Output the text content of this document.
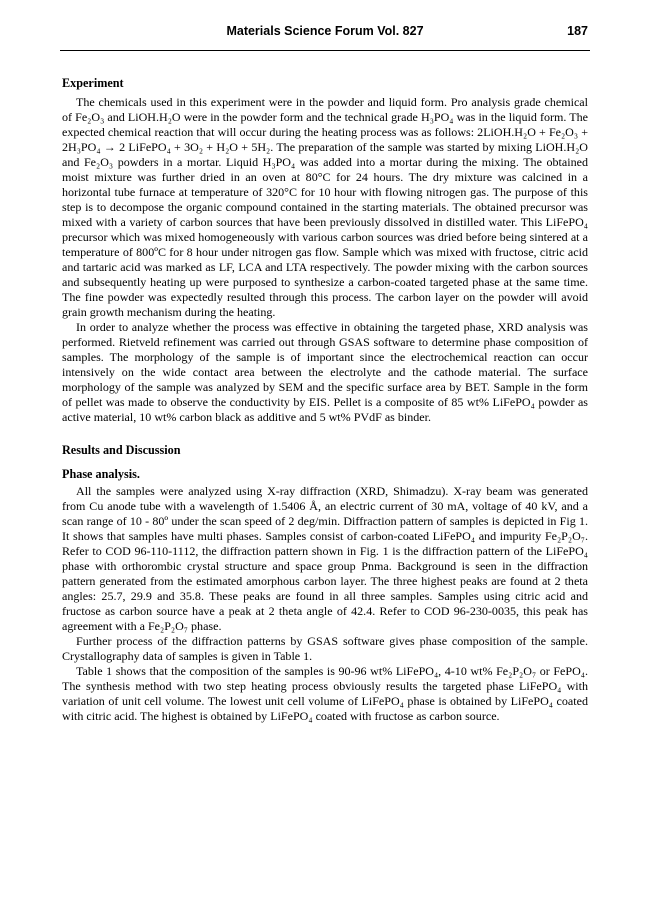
Materials Science Forum Vol. 827	187
Experiment

The chemicals used in this experiment were in the powder and liquid form. Pro analysis grade chemical of Fe₂O₃ and LiOH.H₂O were in the powder form and the technical grade H₃PO₄ was in the liquid form. The expected chemical reaction that will occur during the heating process was as follows: 2LiOH.H₂O + Fe₂O₃ + 2H₃PO₄ → 2 LiFePO₄ + 3O₂ + H₂O + 5H₂. The preparation of the sample was started by mixing LiOH.H₂O and Fe₂O₃ powders in a mortar. Liquid H₃PO₄ was added into a mortar during the mixing. The obtained moist mixture was further dried in an oven at 80°C for 24 hours. The dry mixture was calcined in a horizontal tube furnace at temperature of 320°C for 10 hour with flowing nitrogen gas. The purpose of this step is to decompose the organic compound contained in the starting materials. The obtained precursor was mixed with a variety of carbon sources that have been previously dissolved in distilled water. This LiFePO₄ precursor which was mixed homogeneously with various carbon sources was dried before being sintered at a temperature of 800ºC for 8 hour under nitrogen gas flow. Sample which was mixed with fructose, citric acid and tartaric acid was marked as LF, LCA and LTA respectively. The powder mixing with the carbon sources and subsequently heating up were purposed to synthesize a carbon-coated targeted phase at the same time. The fine powder was expectedly resulted through this process. The carbon layer on the powder will avoid grain growth mechanism during the heating.

In order to analyze whether the process was effective in obtaining the targeted phase, XRD analysis was performed. Rietveld refinement was carried out through GSAS software to determine phase composition of samples. The morphology of the sample is of important since the electrochemical reaction can occur intensively on the wide contact area between the electrolyte and the cathode material. The surface morphology of the sample was analyzed by SEM and the specific surface area by BET. Sample in the form of pellet was made to observe the conductivity by EIS. Pellet is a composite of 85 wt% LiFePO₄ powder as active material, 10 wt% carbon black as additive and 5 wt% PVdF as binder.

Results and Discussion
Phase analysis.

All the samples were analyzed using X-ray diffraction (XRD, Shimadzu). X-ray beam was generated from Cu anode tube with a wavelength of 1.5406 Å, an electric current of 30 mA, voltage of 40 kV, and a scan range of 10 - 80º under the scan speed of 2 deg/min. Diffraction pattern of samples is depicted in Fig 1. It shows that samples have multi phases. Samples consist of carbon-coated LiFePO₄ and impurity Fe₂P₂O₇. Refer to COD 96-110-1112, the diffraction pattern shown in Fig. 1 is the diffraction pattern of the LiFePO₄ phase with orthorombic crystal structure and space group Pnma. Background is seen in the diffraction pattern generated from the estimated amorphous carbon layer. The three highest peaks are found at 2 theta angles: 25.7, 29.9 and 35.8. These peaks are found in all three samples. Samples using citric acid and fructose as carbon source have a peak at 2 theta angle of 42.4. Refer to COD 96-230-0035, this peak has agreement with a Fe₂P₂O₇ phase.

Further process of the diffraction patterns by GSAS software gives phase composition of the sample. Crystallography data of samples is given in Table 1.

Table 1 shows that the composition of the samples is 90-96 wt% LiFePO₄, 4-10 wt% Fe₂P₂O₇ or FePO₄. The synthesis method with two step heating process obviously results the targeted phase LiFePO₄ with variation of unit cell volume. The lowest unit cell volume of LiFePO₄ phase is obtained by LiFePO₄ coated with citric acid. The highest is obtained by LiFePO₄ coated with fructose as carbon source.
